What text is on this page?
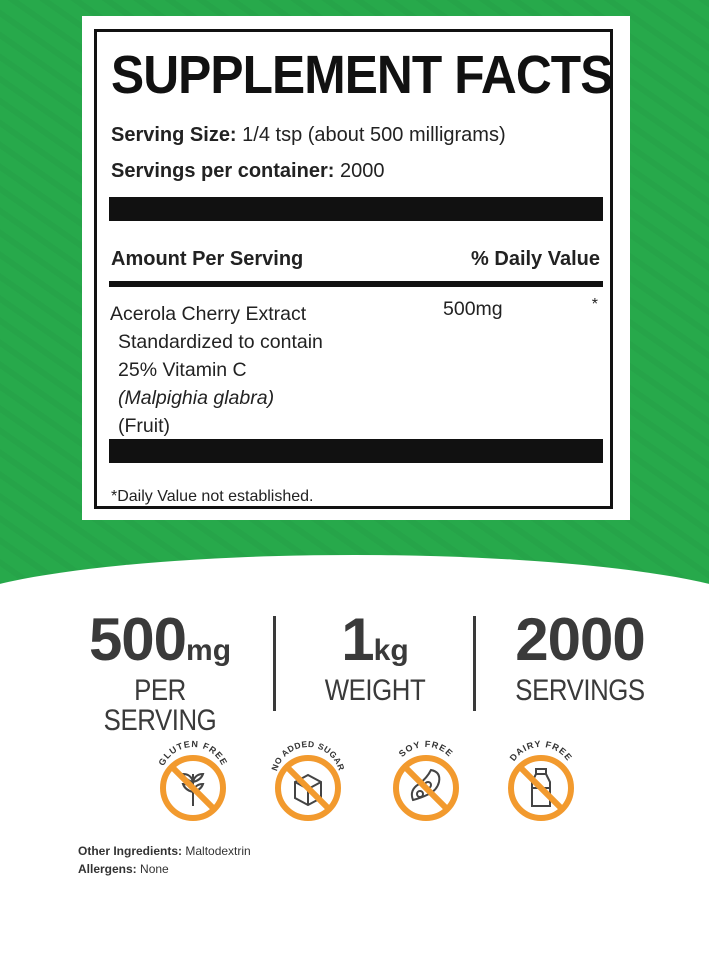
SUPPLEMENT FACTS
Serving Size: 1/4 tsp (about 500 milligrams)
Servings per container: 2000
Amount Per Serving	% Daily Value
Acerola Cherry Extract
Standardized to contain
25% Vitamin C
(Malpighia glabra)
(Fruit)
500mg	*
*Daily Value not established.
500mg
PER SERVING
1kg
WEIGHT
2000
SERVINGS
GLUTEN FREE	NO ADDED SUGAR
SOY FREE	DAIRY FREE
Other Ingredients: Maltodextrin
Allergens: None
